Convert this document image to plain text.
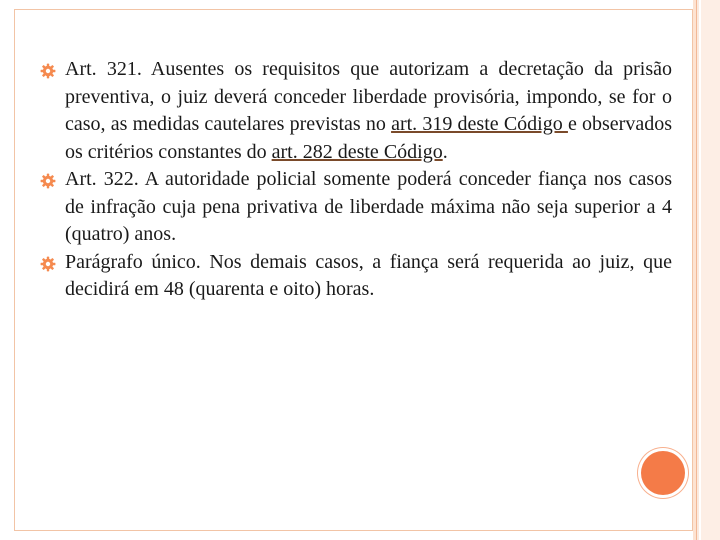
Art. 321. Ausentes os requisitos que autorizam a decretação da prisão preventiva, o juiz deverá conceder liberdade provisória, impondo, se for o caso, as medidas cautelares previstas no art. 319 deste Código e observados os critérios constantes do art. 282 deste Código.

Art. 322. A autoridade policial somente poderá conceder fiança nos casos de infração cuja pena privativa de liberdade máxima não seja superior a 4 (quatro) anos.

Parágrafo único. Nos demais casos, a fiança será requerida ao juiz, que decidirá em 48 (quarenta e oito) horas.
